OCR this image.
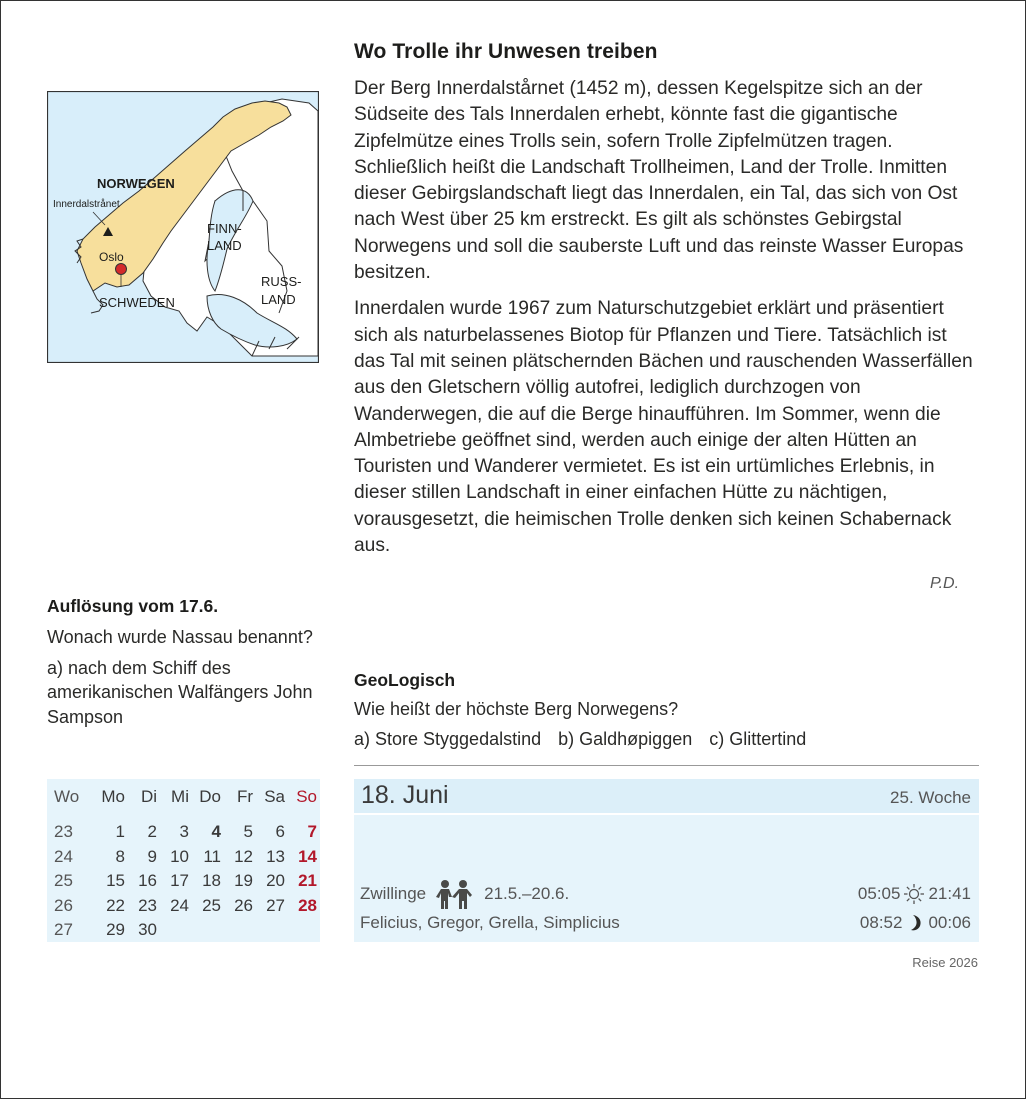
NORWEGEN
Innerdalstrånet
Oslo
SCHWEDEN
FINN-
LAND
RUSS-
LAND
Wo Trolle ihr Unwesen treiben

Der Berg Innerdalstårnet (1452 m), dessen Kegelspitze sich an der Südseite des Tals Innerdalen erhebt, könnte fast die gigantische Zipfelmütze eines Trolls sein, sofern Trolle Zipfelmützen tragen. Schließlich heißt die Landschaft Trollheimen, Land der Trolle. Inmitten dieser Gebirgslandschaft liegt das Innerdalen, ein Tal, das sich von Ost nach West über 25 km erstreckt. Es gilt als schönstes Gebirgstal Norwegens und soll die sauberste Luft und das reinste Wasser Europas besitzen.

Innerdalen wurde 1967 zum Naturschutzgebiet erklärt und präsentiert sich als naturbelassenes Biotop für Pflanzen und Tiere. Tatsächlich ist das Tal mit seinen plätschernden Bächen und rauschenden Wasserfällen aus den Gletschern völlig autofrei, lediglich durchzogen von Wanderwegen, die auf die Berge hinaufführen. Im Sommer, wenn die Almbetriebe geöffnet sind, werden auch einige der alten Hütten an Touristen und Wanderer vermietet. Es ist ein urtümliches Erlebnis, in dieser stillen Landschaft in einer einfachen Hütte zu nächtigen, vorausgesetzt, die heimischen Trolle denken sich keinen Schabernack aus.

P.D.
Auflösung vom 17.6.

Wonach wurde Nassau benannt?

a) nach dem Schiff des amerikanischen Walfängers John Sampson

GeoLogisch
Wie heißt der höchste Berg Norwegens?
a) Store Styggedalstind b) Galdhøpiggen c) Glittertind
Wo		Mo	Di	Mi	Do	Fr	Sa	So
23		1	2	3	4	5	6	7
24		8	9	10	11	12	13	14
25		15	16	17	18	19	20	21
26		22	23	24	25	26	27	28
27		29	30					
18. Juni	25. Woche
Zwillinge	21.5.–20.6.
Felicius, Gregor, Grella, Simplicius
05:05 21:41
08:52 00:06
Reise 2026
